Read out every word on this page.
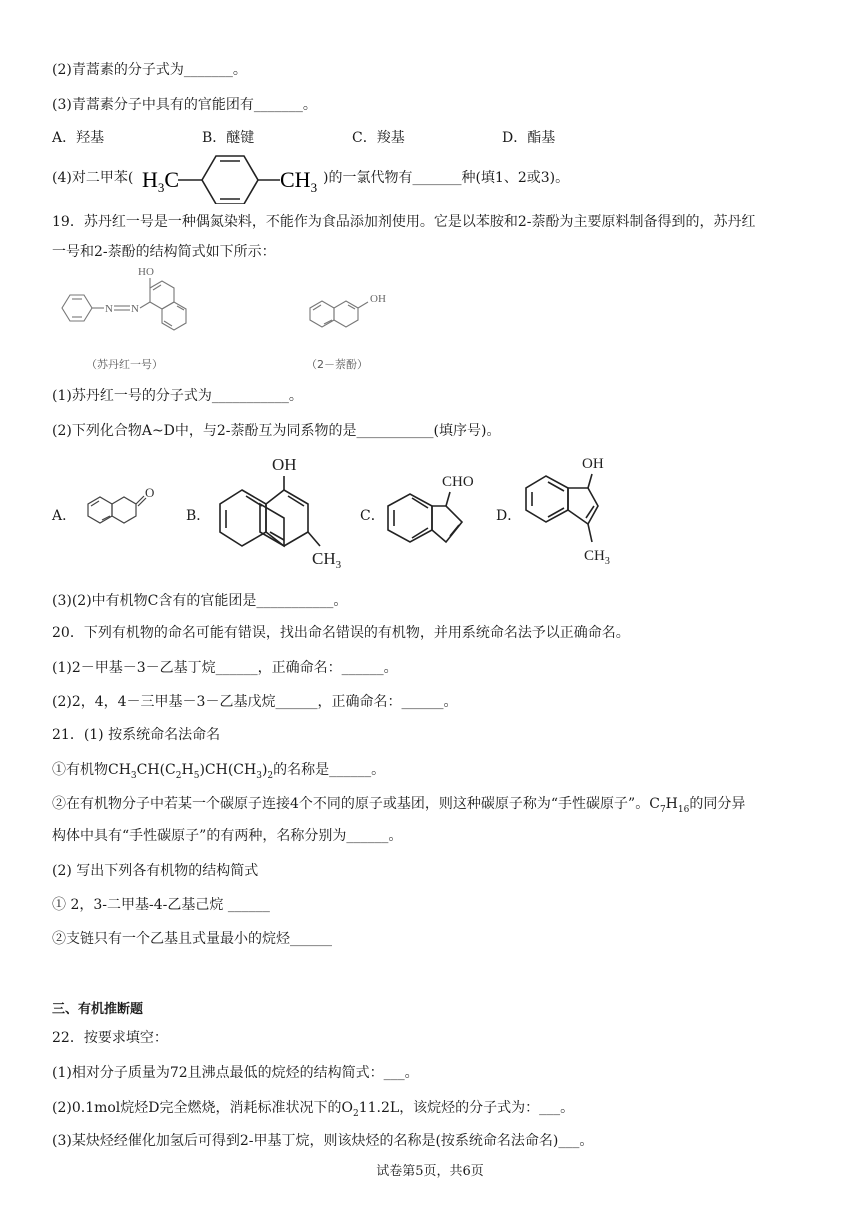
(2)青蒿素的分子式为_______。
(3)青蒿素分子中具有的官能团有_______。
A．羟基	B．醚键	C．羧基	D．酯基
(4)对二甲苯( $H_3C$	$CH_3$
)的一氯代物有_______种(填1、2或3)。
19．苏丹红一号是一种偶氮染料，不能作为食品添加剂使用。它是以苯胺和2-萘酚为主要原料制备得到的，苏丹红
一号和2-萘酚的结构简式如下所示：
N N
HO
（苏丹红一号）
OH
（2－萘酚）
(1)苏丹红一号的分子式为___________。
(2)下列化合物A~D中，与2-萘酚互为同系物的是___________(填序号)。
A．
O
B．
OH
$CH_3$
C．
CHO
D．
OH
$CH_3$
(3)(2)中有机物C含有的官能团是___________。
20．下列有机物的命名可能有错误，找出命名错误的有机物，并用系统命名法予以正确命名。
(1)2－甲基－3－乙基丁烷______，正确命名：______。
(2)2，4，4－三甲基－3－乙基戊烷______，正确命名：______。
21．(1) 按系统命名法命名
①有机物$CH_3CH(C_2H_5)CH(CH_3)_2$的名称是______。
②在有机物分子中若某一个碳原子连接4个不同的原子或基团，则这种碳原子称为“手性碳原子”。$C_7H_{16}$的同分异
构体中具有“手性碳原子”的有两种，名称分别为______。
(2) 写出下列各有机物的结构简式
① 2，3-二甲基-4-乙基己烷 ______
②支链只有一个乙基且式量最小的烷烃______
三、有机推断题
22．按要求填空：
(1)相对分子质量为72且沸点最低的烷烃的结构简式：___。
(2)0.1mol烷烃D完全燃烧，消耗标准状况下的$O_211.2L$，该烷烃的分子式为：___。
(3)某炔烃经催化加氢后可得到2-甲基丁烷，则该炔烃的名称是(按系统命名法命名)___。
试卷第5页，共6页
